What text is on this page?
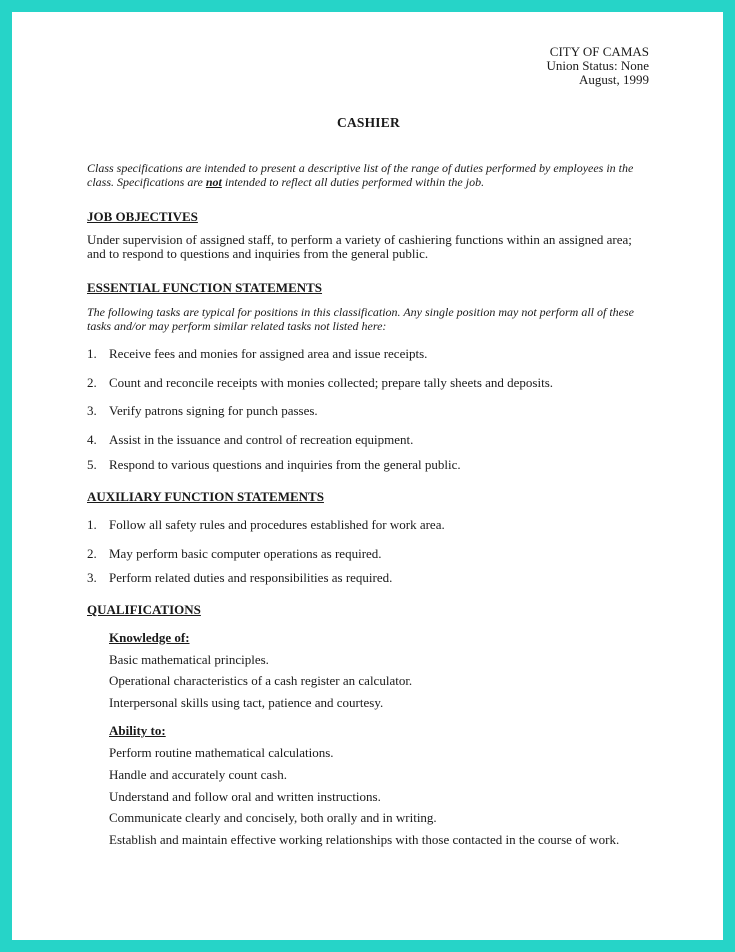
CITY OF CAMAS
Union Status: None
August, 1999
CASHIER
Class specifications are intended to present a descriptive list of the range of duties performed by employees in the
class. Specifications are not intended to reflect all duties performed within the job.
JOB OBJECTIVES
Under supervision of assigned staff, to perform a variety of cashiering functions within an assigned area;
and to respond to questions and inquiries from the general public.
ESSENTIAL FUNCTION STATEMENTS
The following tasks are typical for positions in this classification. Any single position may not perform all of these
tasks and/or may perform similar related tasks not listed here:
1. Receive fees and monies for assigned area and issue receipts.
2. Count and reconcile receipts with monies collected; prepare tally sheets and deposits.
3. Verify patrons signing for punch passes.
4. Assist in the issuance and control of recreation equipment.
5. Respond to various questions and inquiries from the general public.
AUXILIARY FUNCTION STATEMENTS
1. Follow all safety rules and procedures established for work area.
2. May perform basic computer operations as required.
3. Perform related duties and responsibilities as required.
QUALIFICATIONS
Knowledge of:
Basic mathematical principles.
Operational characteristics of a cash register an calculator.
Interpersonal skills using tact, patience and courtesy.
Ability to:
Perform routine mathematical calculations.
Handle and accurately count cash.
Understand and follow oral and written instructions.
Communicate clearly and concisely, both orally and in writing.
Establish and maintain effective working relationships with those contacted in the course of work.
